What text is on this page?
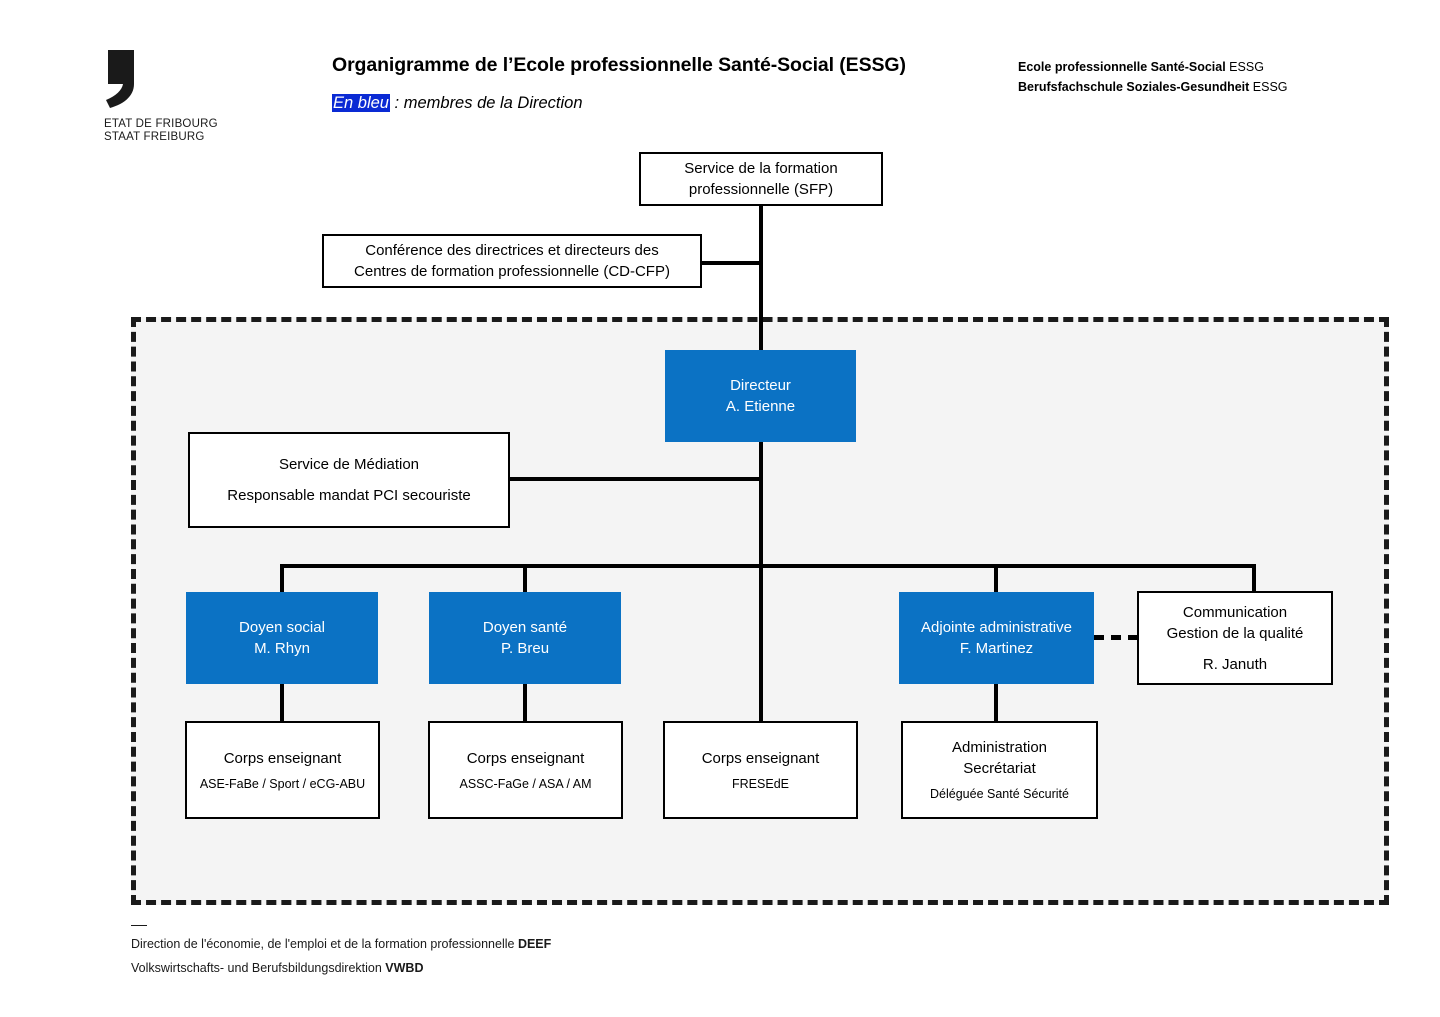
ETAT DE FRIBOURG
STAAT FREIBURG
Organigramme de l’Ecole professionnelle Santé-Social (ESSG)
En bleu : membres de la Direction
Ecole professionnelle Santé-Social ESSG
Berufsfachschule Soziales-Gesundheit ESSG
Service de la formation
professionnelle (SFP)
Conférence des directrices et directeurs des
Centres de formation professionnelle (CD-CFP)
Directeur
A. Etienne
Service de Médiation
Responsable mandat PCI secouriste
Doyen social
M. Rhyn
Doyen santé
P. Breu
Adjointe administrative
F. Martinez
Communication
Gestion de la qualité
R. Januth
Corps enseignant
ASE-FaBe / Sport / eCG-ABU
Corps enseignant
ASSC-FaGe / ASA / AM
Corps enseignant
FRESEdE
Administration
Secrétariat
Déléguée Santé Sécurité
Direction de l'économie, de l'emploi et de la formation professionnelle DEEF
Volkswirtschafts- und Berufsbildungsdirektion VWBD
